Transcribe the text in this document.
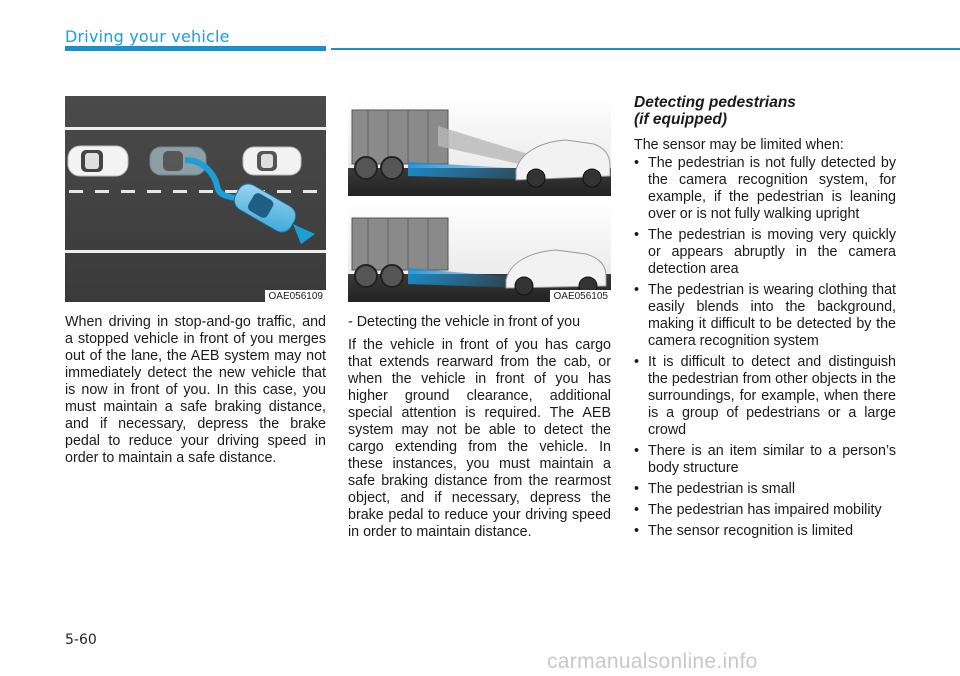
Driving your vehicle
OAE056109	OAE056105

When driving in stop-and-go traffic, and a stopped vehicle in front of you merges out of the lane, the AEB system may not immediately detect the new vehicle that is now in front of you. In this case, you must maintain a safe braking distance, and if necessary, depress the brake pedal to reduce your driving speed in order to maintain a safe distance.

- Detecting the vehicle in front of you

If the vehicle in front of you has cargo that extends rearward from the cab, or when the vehicle in front of you has higher ground clearance, additional special attention is required. The AEB system may not be able to detect the cargo extending from the vehicle. In these instances, you must maintain a safe braking distance from the rearmost object, and if necessary, depress the brake pedal to reduce your driving speed in order to maintain distance.

Detecting pedestrians
(if equipped)

The sensor may be limited when:

• The pedestrian is not fully detected by the camera recognition system, for example, if the pedestrian is leaning over or is not fully walking upright
• The pedestrian is moving very quickly or appears abruptly in the camera detection area
• The pedestrian is wearing clothing that easily blends into the background, making it difficult to be detected by the camera recognition system
• It is difficult to detect and distinguish the pedestrian from other objects in the surroundings, for example, when there is a group of pedestrians or a large crowd
• There is an item similar to a person’s body structure
• The pedestrian is small
• The pedestrian has impaired mobility
• The sensor recognition is limited
5-60
carmanualsonline.info
